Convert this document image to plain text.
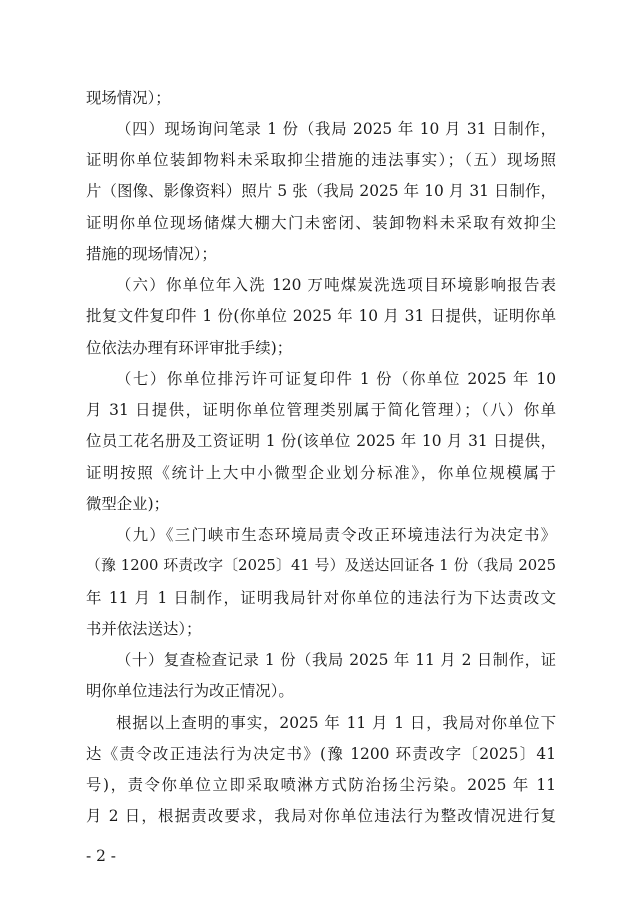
现场情况）；
（四）现场询问笔录 1 份（我局 2025 年 10 月 31 日制作，
证明你单位装卸物料未采取抑尘措施的违法事实）；（五）现场照
片（图像、影像资料）照片 5 张（我局 2025 年 10 月 31 日制作，
证明你单位现场储煤大棚大门未密闭、装卸物料未采取有效抑尘
措施的现场情况）；
（六）你单位年入洗 120 万吨煤炭洗选项目环境影响报告表
批复文件复印件 1 份(你单位 2025 年 10 月 31 日提供，证明你单
位依法办理有环评审批手续)；
（七）你单位排污许可证复印件 1 份（你单位 2025 年 10
月 31 日提供，证明你单位管理类别属于简化管理）；（八）你单
位员工花名册及工资证明 1 份(该单位 2025 年 10 月 31 日提供，
证明按照《统计上大中小微型企业划分标准》，你单位规模属于
微型企业)；
（九）《三门峡市生态环境局责令改正环境违法行为决定书》
（豫 1200 环责改字〔2025〕41 号）及送达回证各 1 份（我局 2025
年 11 月 1 日制作，证明我局针对你单位的违法行为下达责改文
书并依法送达）；
（十）复查检查记录 1 份（我局 2025 年 11 月 2 日制作，证
明你单位违法行为改正情况）。
根据以上查明的事实，2025 年 11 月 1 日，我局对你单位下
达《责令改正违法行为决定书》(豫 1200 环责改字〔2025〕41
号)，责令你单位立即采取喷淋方式防治扬尘污染。2025 年 11
月 2 日，根据责改要求，我局对你单位违法行为整改情况进行复
- 2 -
